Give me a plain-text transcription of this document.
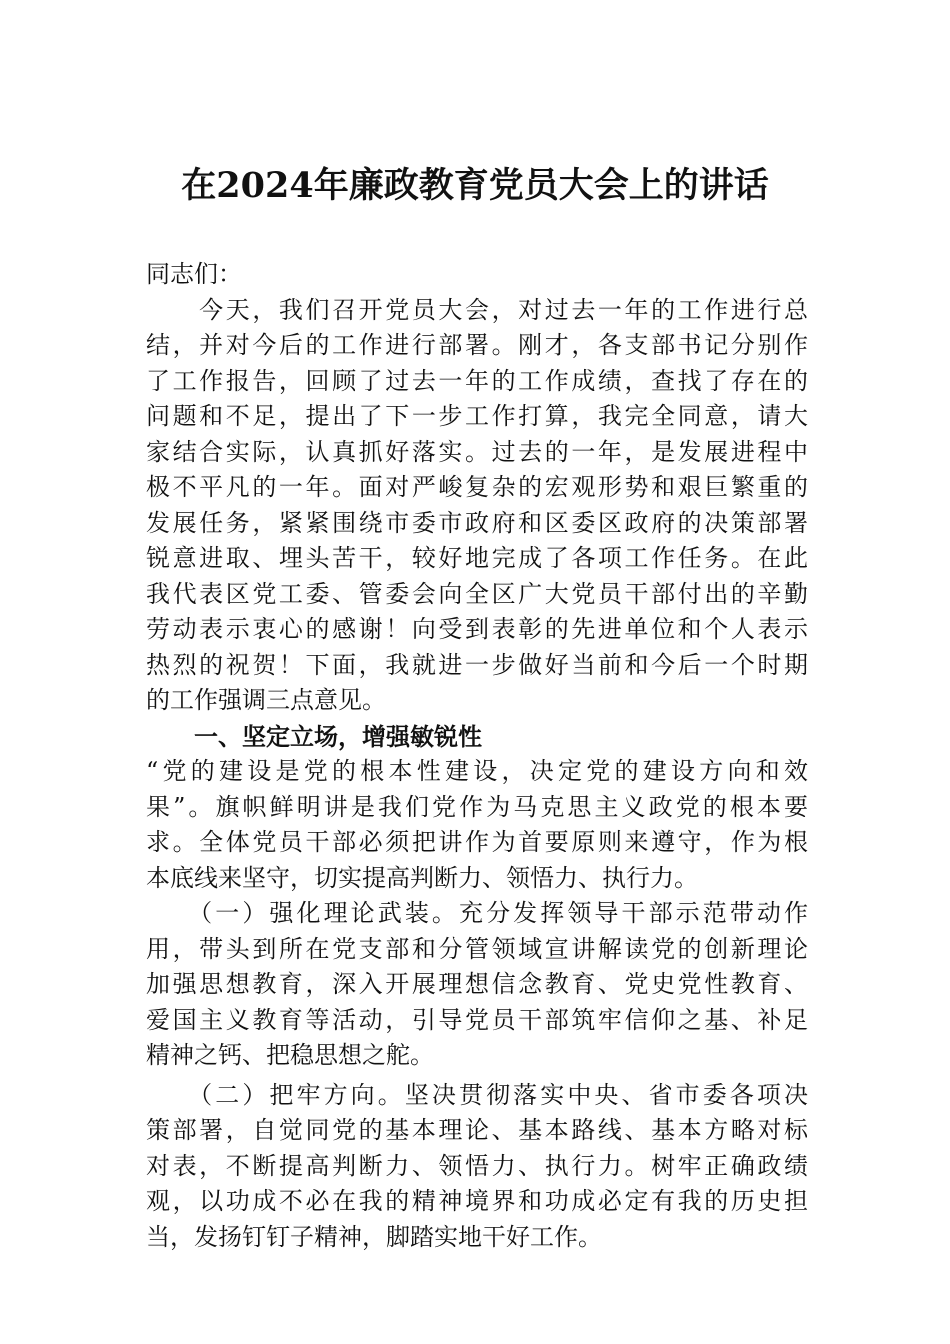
在2024年廉政教育党员大会上的讲话
同志们：
　　今天，我们召开党员大会，对过去一年的工作进行总
结，并对今后的工作进行部署。刚才，各支部书记分别作
了工作报告，回顾了过去一年的工作成绩，查找了存在的
问题和不足，提出了下一步工作打算，我完全同意，请大
家结合实际，认真抓好落实。过去的一年，是发展进程中
极不平凡的一年。面对严峻复杂的宏观形势和艰巨繁重的
发展任务，紧紧围绕市委市政府和区委区政府的决策部署
锐意进取、埋头苦干，较好地完成了各项工作任务。在此
我代表区党工委、管委会向全区广大党员干部付出的辛勤
劳动表示衷心的感谢！向受到表彰的先进单位和个人表示
热烈的祝贺！下面，我就进一步做好当前和今后一个时期
的工作强调三点意见。
　　一、坚定立场，增强敏锐性
“党的建设是党的根本性建设，决定党的建设方向和效
果”。旗帜鲜明讲是我们党作为马克思主义政党的根本要
求。全体党员干部必须把讲作为首要原则来遵守，作为根
本底线来坚守，切实提高判断力、领悟力、执行力。
　　（一）强化理论武装。充分发挥领导干部示范带动作
用，带头到所在党支部和分管领域宣讲解读党的创新理论
加强思想教育，深入开展理想信念教育、党史党性教育、
爱国主义教育等活动，引导党员干部筑牢信仰之基、补足
精神之钙、把稳思想之舵。
　　（二）把牢方向。坚决贯彻落实中央、省市委各项决
策部署，自觉同党的基本理论、基本路线、基本方略对标
对表，不断提高判断力、领悟力、执行力。树牢正确政绩
观，以功成不必在我的精神境界和功成必定有我的历史担
当，发扬钉钉子精神，脚踏实地干好工作。
